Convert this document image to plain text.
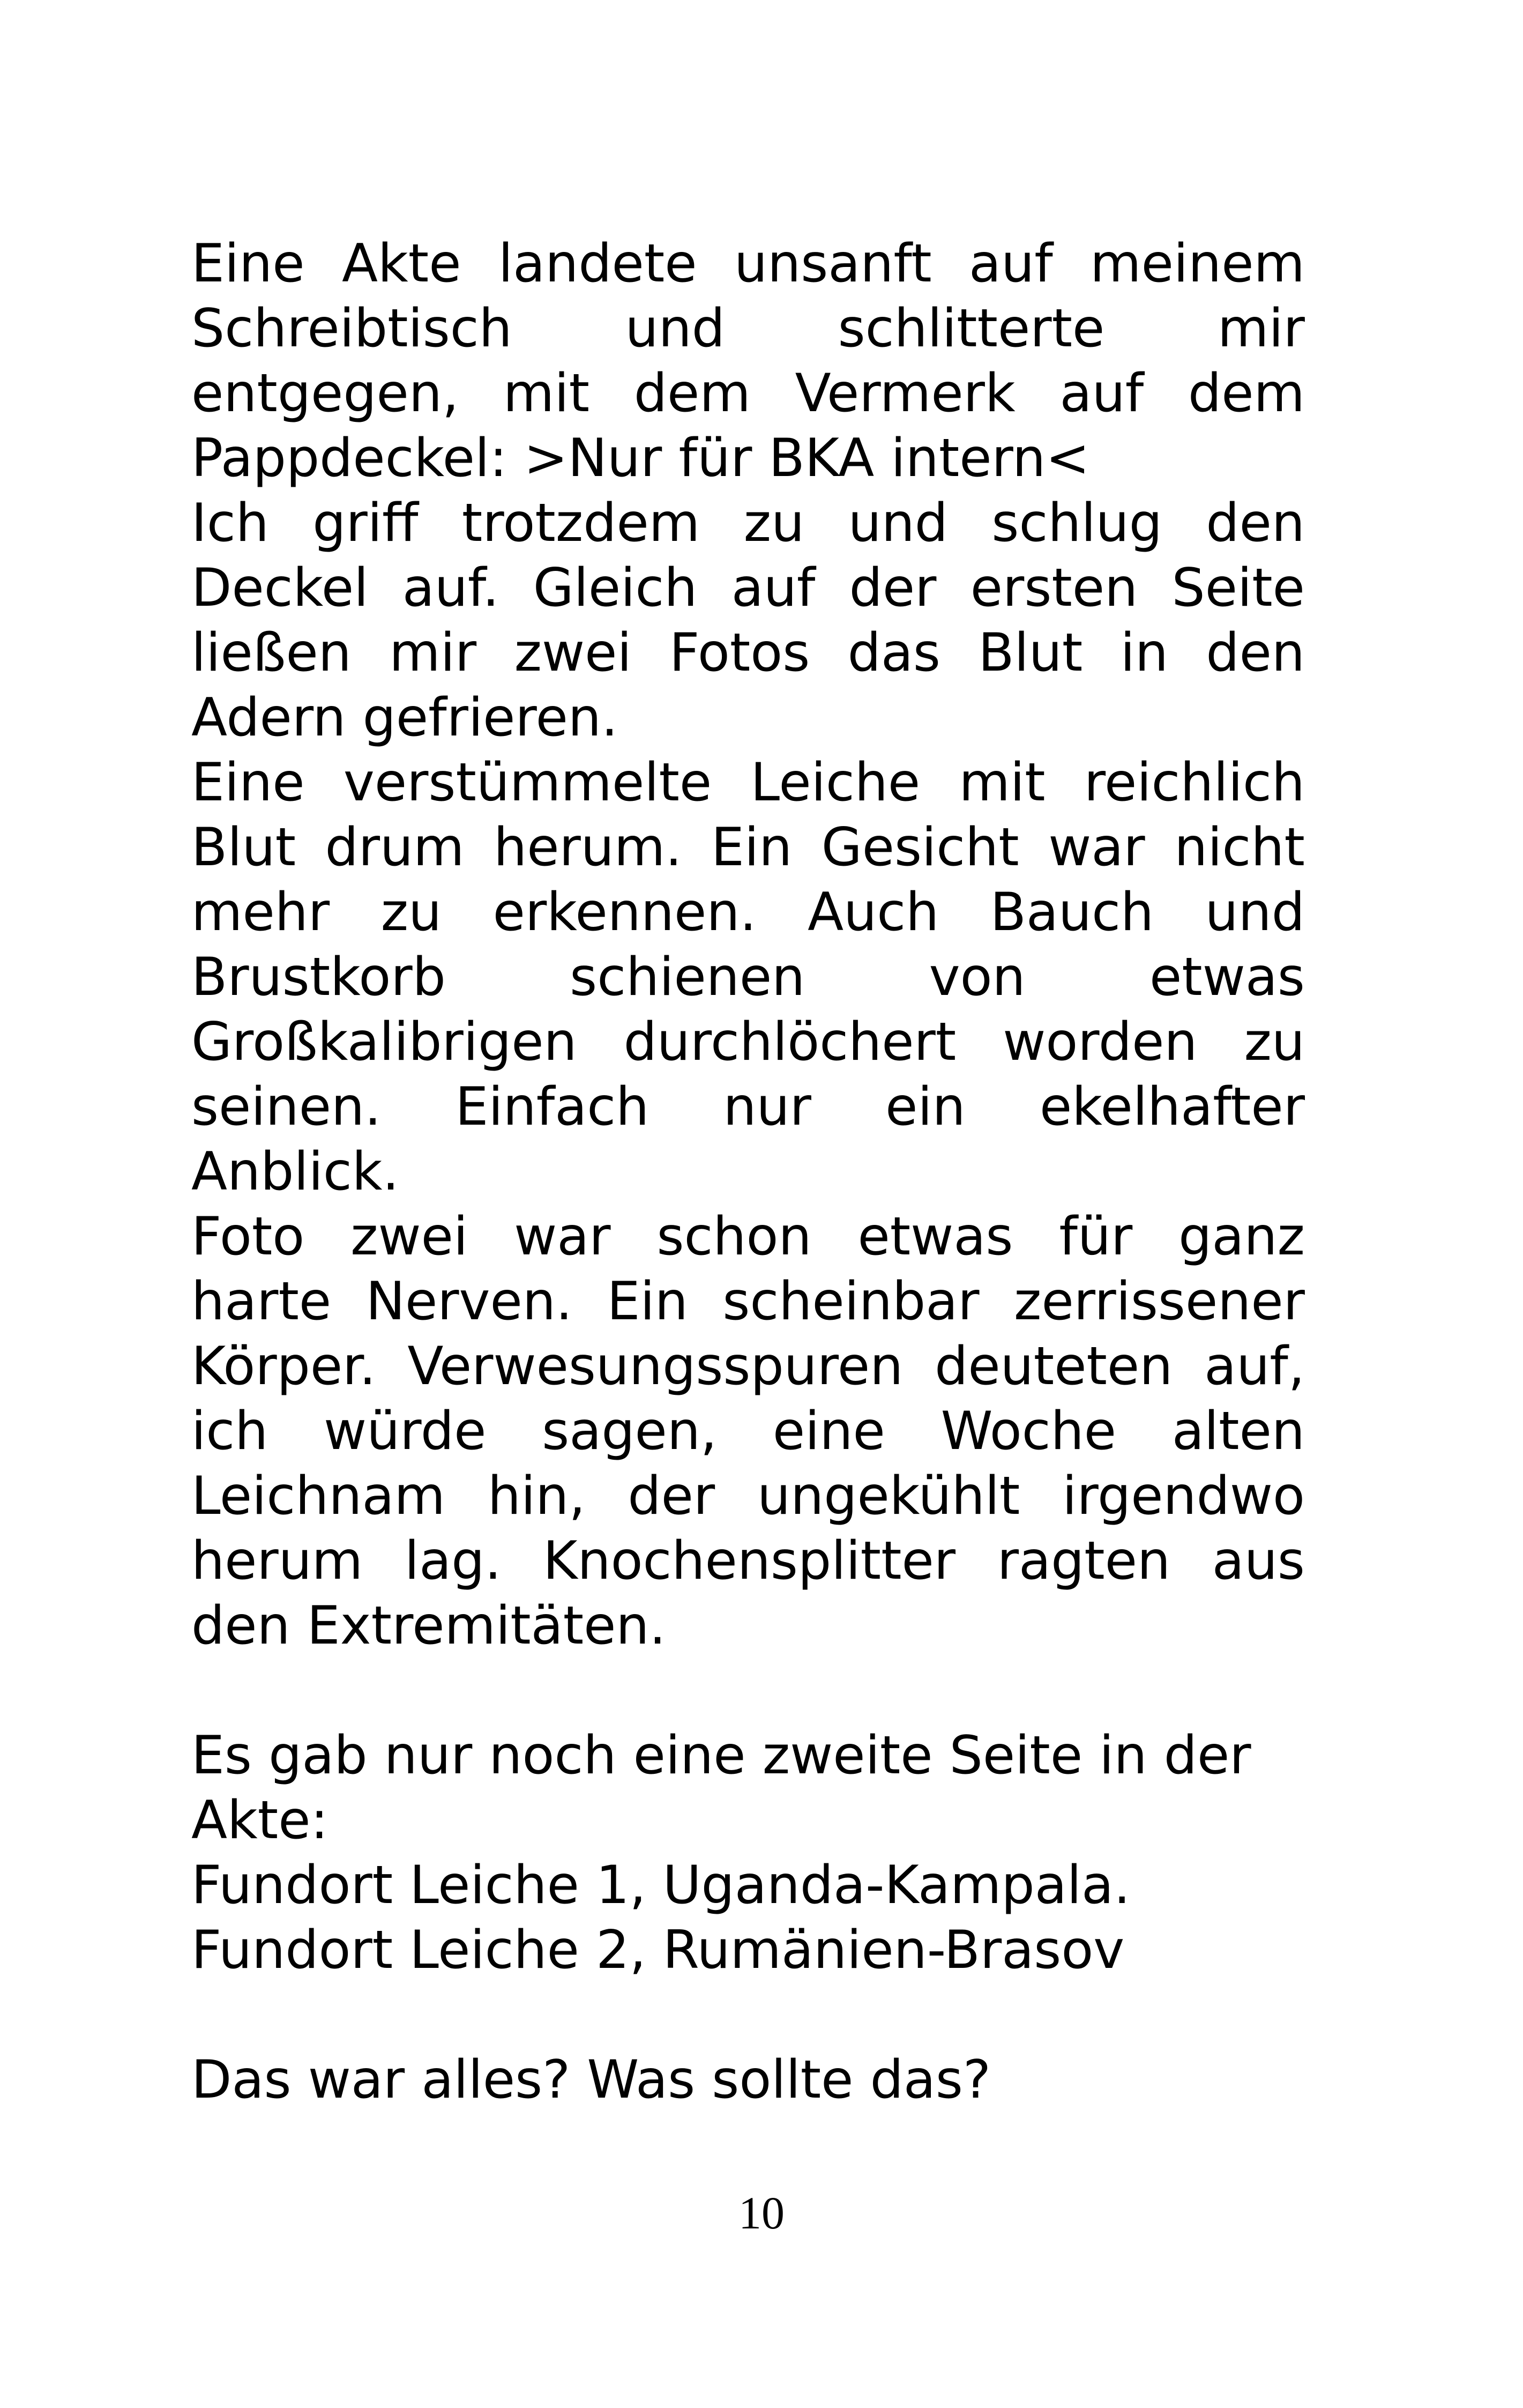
Eine Akte landete unsanft auf meinem
Schreibtisch und schlitterte mir
entgegen, mit dem Vermerk auf dem
Pappdeckel: >Nur für BKA intern<
Ich griff trotzdem zu und schlug den
Deckel auf. Gleich auf der ersten Seite
ließen mir zwei Fotos das Blut in den
Adern gefrieren.
Eine verstümmelte Leiche mit reichlich
Blut drum herum. Ein Gesicht war nicht
mehr zu erkennen. Auch Bauch und
Brustkorb schienen von etwas
Großkalibrigen durchlöchert worden zu
seinen. Einfach nur ein ekelhafter
Anblick.
Foto zwei war schon etwas für ganz
harte Nerven. Ein scheinbar zerrissener
Körper. Verwesungsspuren deuteten auf,
ich würde sagen, eine Woche alten
Leichnam hin, der ungekühlt irgendwo
herum lag. Knochensplitter ragten aus
den Extremitäten.
Es gab nur noch eine zweite Seite in der
Akte:
Fundort Leiche 1, Uganda-Kampala.
Fundort Leiche 2, Rumänien-Brasov
Das war alles? Was sollte das?
10
